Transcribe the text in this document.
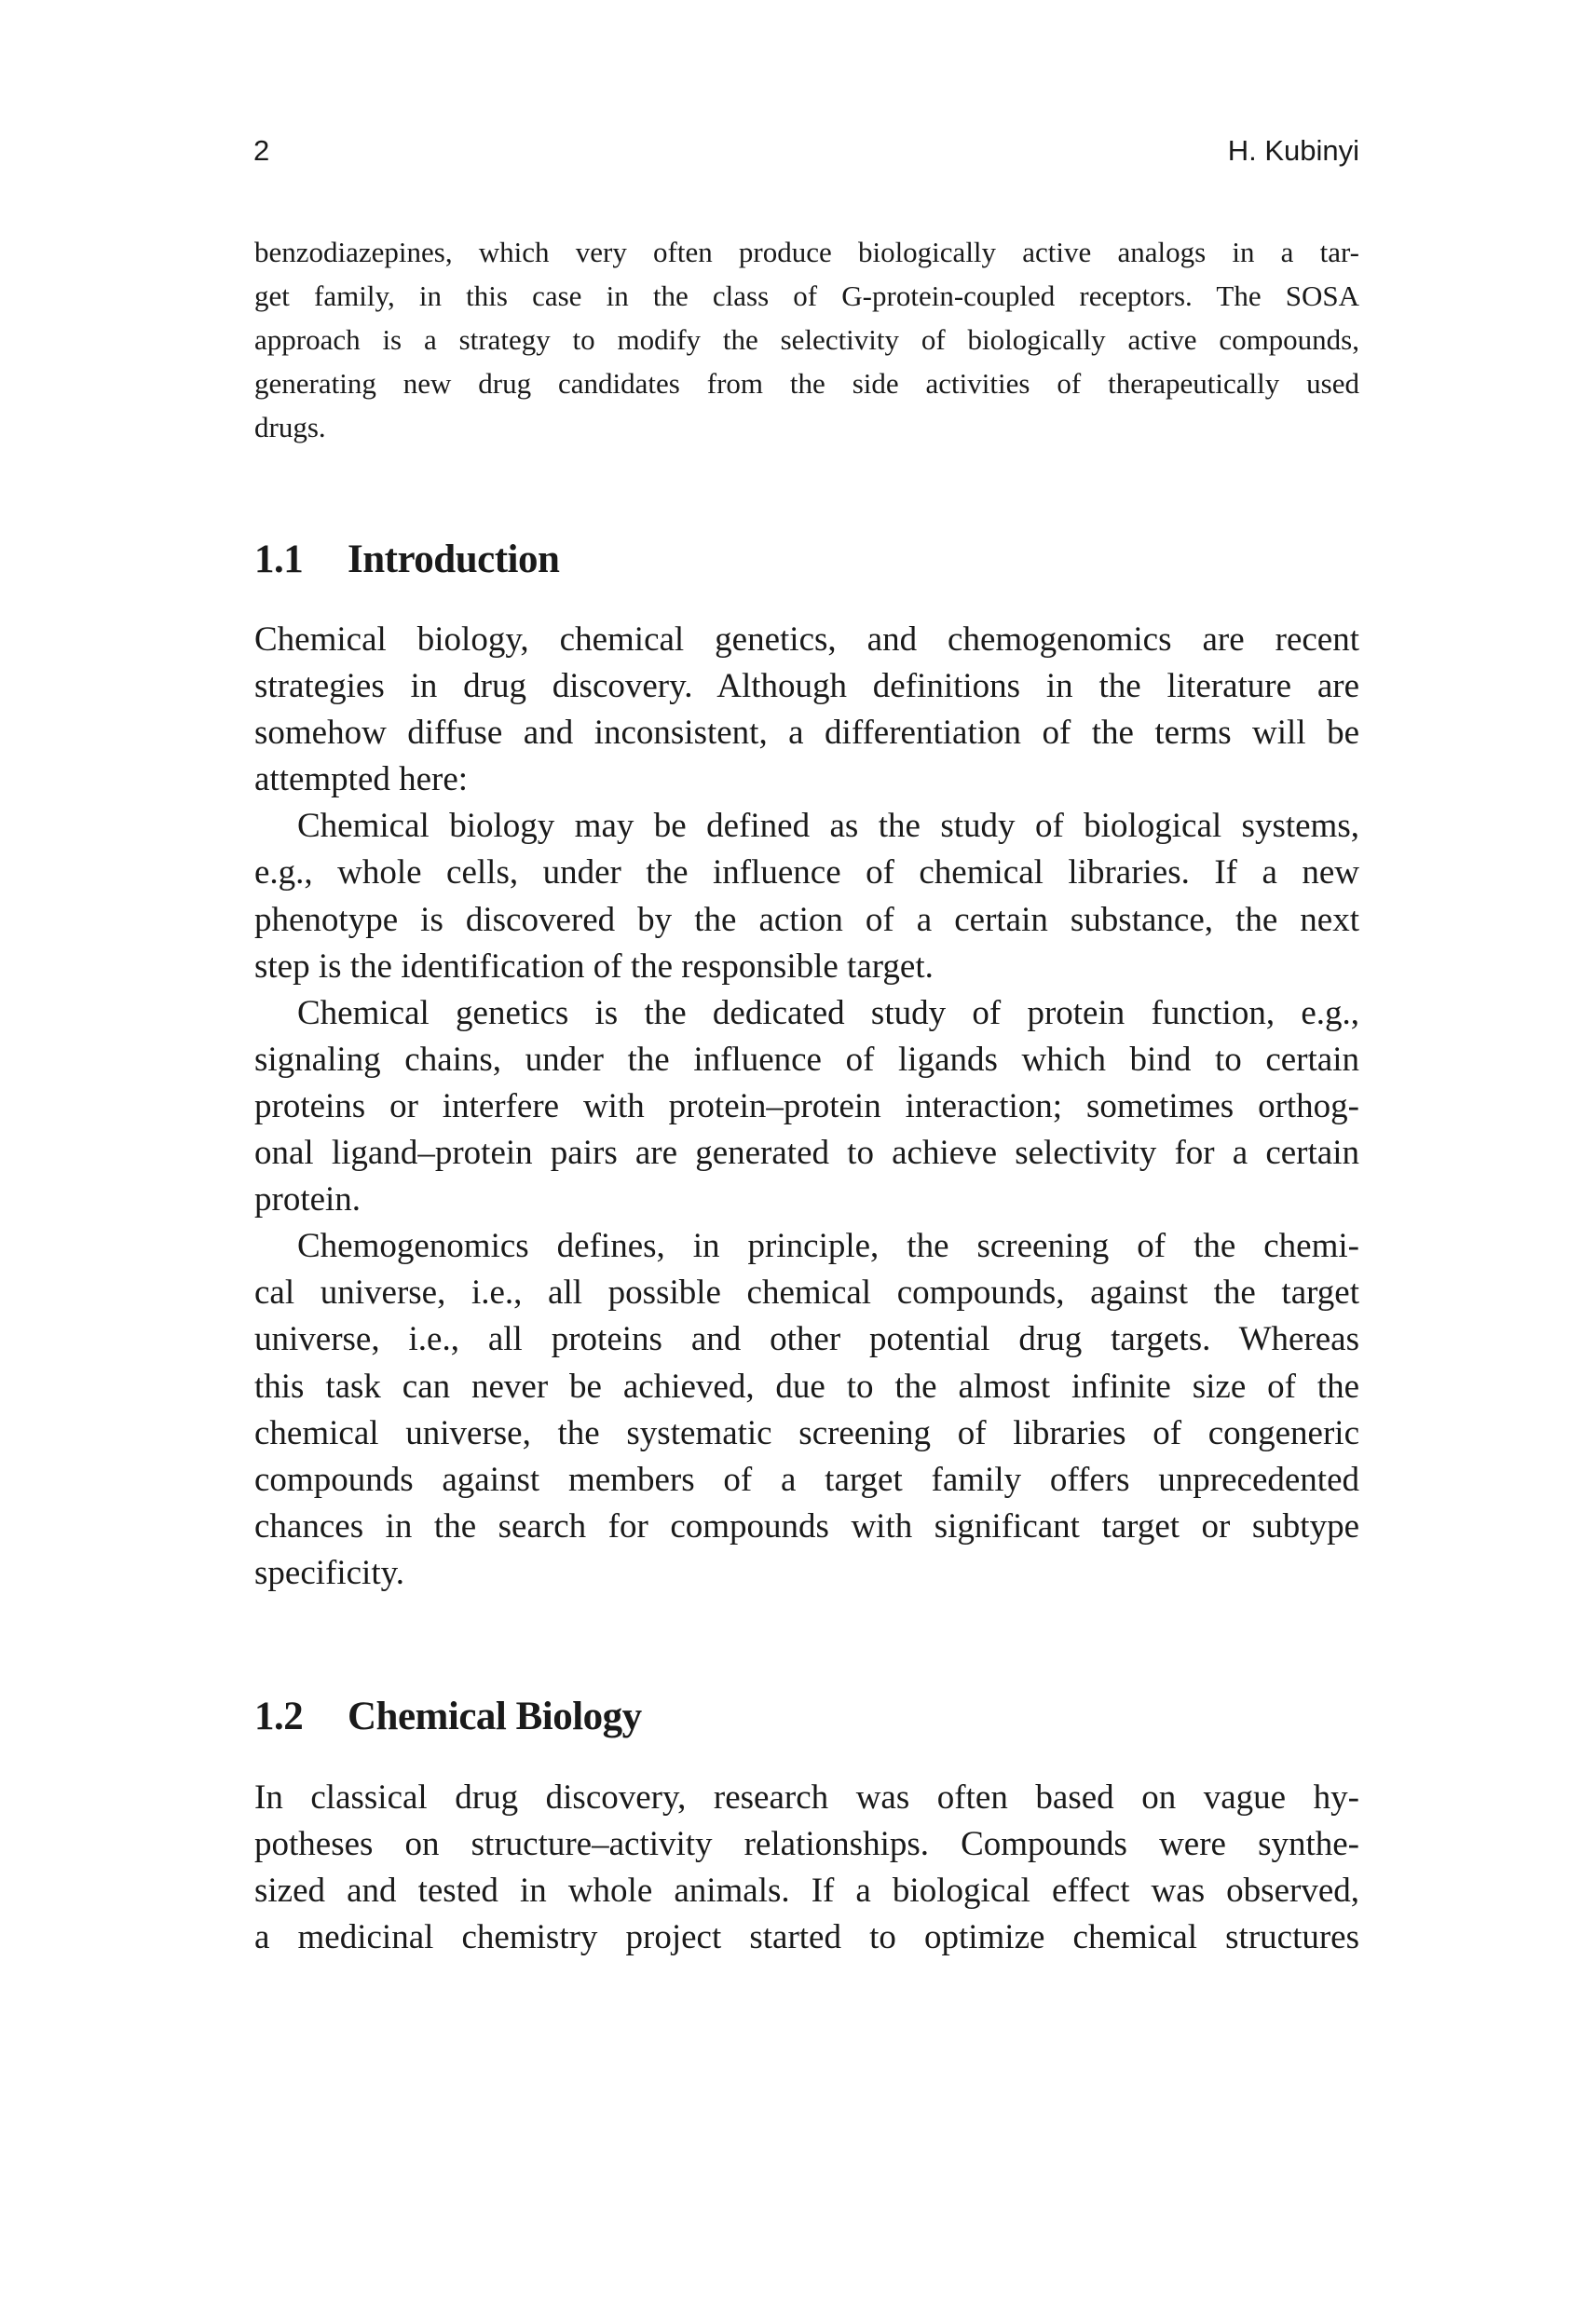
2	H. Kubinyi
benzodiazepines, which very often produce biologically active analogs in a tar-
get family, in this case in the class of G-protein-coupled receptors. The SOSA
approach is a strategy to modify the selectivity of biologically active compounds,
generating new drug candidates from the side activities of therapeutically used
drugs.
1.1 Introduction
Chemical biology, chemical genetics, and chemogenomics are recent
strategies in drug discovery. Although definitions in the literature are
somehow diffuse and inconsistent, a differentiation of the terms will be
attempted here:
Chemical biology may be defined as the study of biological systems,
e.g., whole cells, under the influence of chemical libraries. If a new
phenotype is discovered by the action of a certain substance, the next
step is the identification of the responsible target.
Chemical genetics is the dedicated study of protein function, e.g.,
signaling chains, under the influence of ligands which bind to certain
proteins or interfere with protein–protein interaction; sometimes orthog-
onal ligand–protein pairs are generated to achieve selectivity for a certain
protein.
Chemogenomics defines, in principle, the screening of the chemi-
cal universe, i.e., all possible chemical compounds, against the target
universe, i.e., all proteins and other potential drug targets. Whereas
this task can never be achieved, due to the almost infinite size of the
chemical universe, the systematic screening of libraries of congeneric
compounds against members of a target family offers unprecedented
chances in the search for compounds with significant target or subtype
specificity.
1.2 Chemical Biology
In classical drug discovery, research was often based on vague hy-
potheses on structure–activity relationships. Compounds were synthe-
sized and tested in whole animals. If a biological effect was observed,
a medicinal chemistry project started to optimize chemical structures
